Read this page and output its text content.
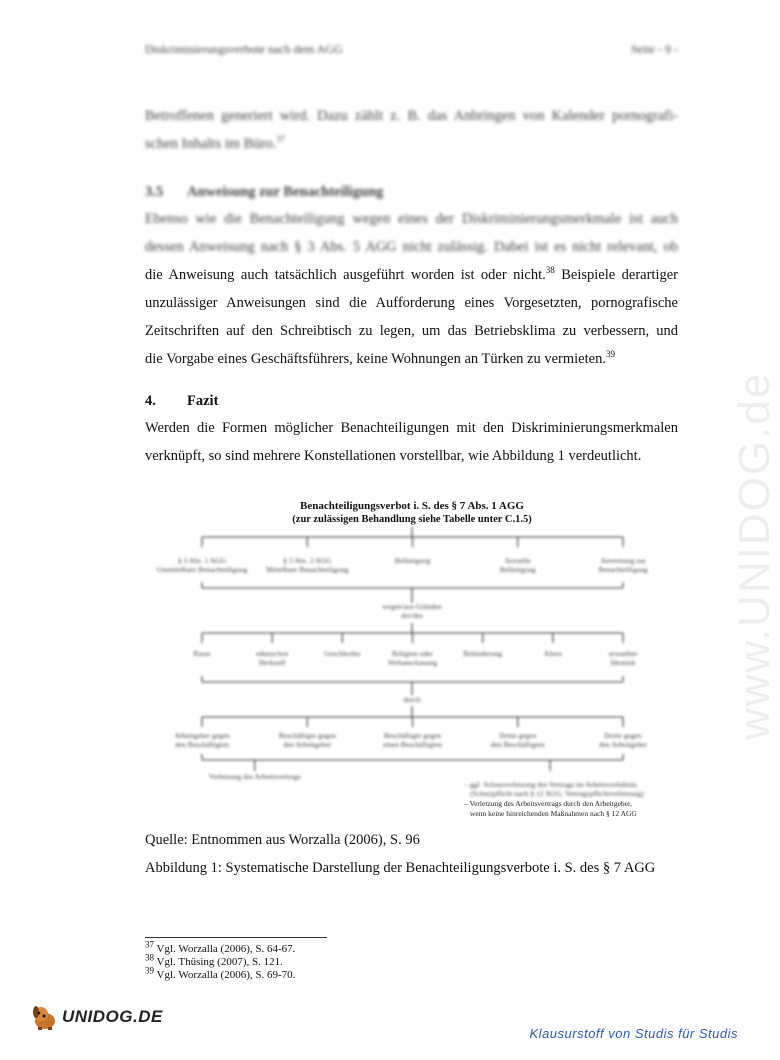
Diskriminierungsverbote nach dem AGG	Seite - 9 -
Betroffenen generiert wird. Dazu zählt z. B. das Anbringen von Kalender pornografi-
schen Inhalts im Büro.$^{37}$
3.5 Anweisung zur Benachteiligung
Ebenso wie die Benachteiligung wegen eines der Diskriminierungsmerkmale ist auch
dessen Anweisung nach § 3 Abs. 5 AGG nicht zulässig. Dabei ist es nicht relevant, ob
die Anweisung auch tatsächlich ausgeführt worden ist oder nicht.$^{38}$ Beispiele derartiger
unzulässiger Anweisungen sind die Aufforderung eines Vorgesetzten, pornografische
Zeitschriften auf den Schreibtisch zu legen, um das Betriebsklima zu verbessern, und
die Vorgabe eines Geschäftsführers, keine Wohnungen an Türken zu vermieten.$^{39}$
4. Fazit
Werden die Formen möglicher Benachteiligungen mit den Diskriminierungsmerkmalen
verknüpft, so sind mehrere Konstellationen vorstellbar, wie Abbildung 1 verdeutlicht.
Benachteiligungsverbot i. S. des § 7 Abs. 1 AGG
(zur zulässigen Behandlung siehe Tabelle unter C.1.5)
§ 3 Abs. 1 AGG
Unmittelbare Benachteiligung
§ 3 Abs. 2 AGG
Mittelbare Benachteiligung
Belästigung	Sexuelle
Belästigung
Anweisung zur
Benachteiligung
wegen/aus Gründen
der/des
Rasse	ethnischen
Herkunft
Geschlechts	Religion oder
Weltanschauung
Behinderung	Alters	sexuellen
Identität
durch
Arbeitgeber gegen
den Beschäftigten
Beschäftigte gegen
den Arbeitgeber
Beschäftigte gegen
einen Beschäftigten
Dritte gegen
den Beschäftigten
Dritte gegen
den Arbeitgeber
Verletzung des Arbeitsvertrags
– ggf. Schutzverletzung des Vertrags im Arbeitsverhältnis
(Schutzpflicht nach § 12 AGG, Vertragspflichtverletzung)
– Verletzung des Arbeitsvertrags durch den Arbeitgeber,
wenn keine hinreichenden Maßnahmen nach § 12 AGG
Quelle: Entnommen aus Worzalla (2006), S. 96
Abbildung 1: Systematische Darstellung der Benachteiligungsverbote i. S. des § 7 AGG
$^{37}$ Vgl. Worzalla (2006), S. 64-67.
$^{38}$ Vgl. Thüsing (2007), S. 121.
$^{39}$ Vgl. Worzalla (2006), S. 69-70.
www.UNIDOG.de
UNIDOG.DE
Klausurstoff von Studis für Studis
